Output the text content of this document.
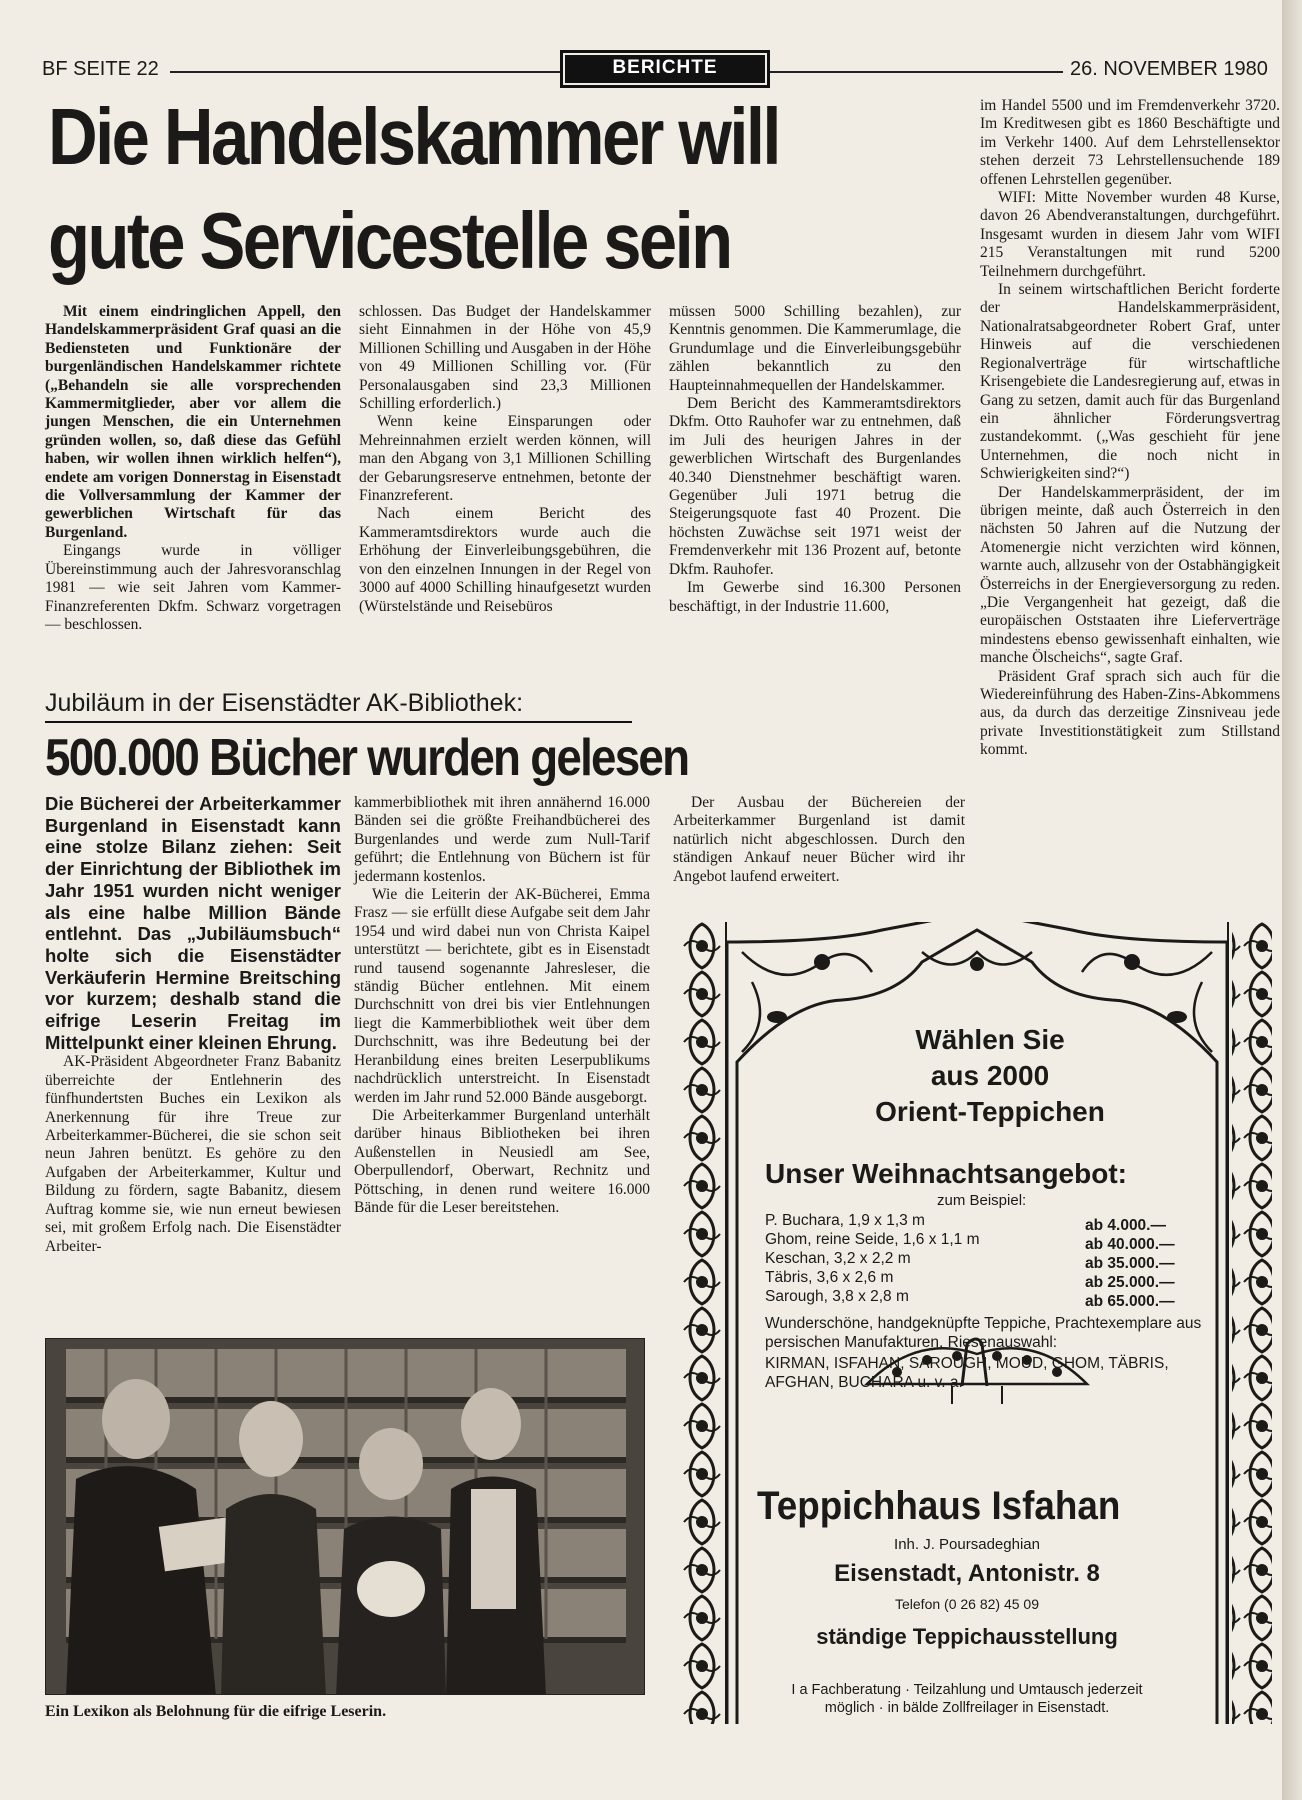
BF SEITE 22	BERICHTE	26. NOVEMBER 1980
Die Handelskammer will
gute Servicestelle sein

Mit einem eindringlichen Appell, den Handelskammerpräsident Graf quasi an die Bediensteten und Funktionäre der burgenländischen Handelskammer richtete („Behandeln sie alle vorsprechenden Kammermitglieder, aber vor allem die jungen Menschen, die ein Unternehmen gründen wollen, so, daß diese das Gefühl haben, wir wollen ihnen wirklich helfen“), endete am vorigen Donnerstag in Eisenstadt die Vollversammlung der Kammer der gewerblichen Wirtschaft für das Burgenland.

Eingangs wurde in völliger Übereinstimmung auch der Jahresvoranschlag 1981 — wie seit Jahren vom Kammer-Finanzreferenten Dkfm. Schwarz vorgetragen — beschlossen.

schlossen. Das Budget der Handelskammer sieht Einnahmen in der Höhe von 45,9 Millionen Schilling und Ausgaben in der Höhe von 49 Millionen Schilling vor. (Für Personalausgaben sind 23,3 Millionen Schilling erforderlich.)

Wenn keine Einsparungen oder Mehreinnahmen erzielt werden können, will man den Abgang von 3,1 Millionen Schilling der Gebarungsreserve entnehmen, betonte der Finanzreferent.

Nach einem Bericht des Kammeramtsdirektors wurde auch die Erhöhung der Einverleibungsgebühren, die von den einzelnen Innungen in der Regel von 3000 auf 4000 Schilling hinaufgesetzt wurden (Würstelstände und Reisebüros

müssen 5000 Schilling bezahlen), zur Kenntnis genommen. Die Kammerumlage, die Grundumlage und die Einverleibungsgebühr zählen bekanntlich zu den Haupteinnahmequellen der Handelskammer.

Dem Bericht des Kammeramtsdirektors Dkfm. Otto Rauhofer war zu entnehmen, daß im Juli des heurigen Jahres in der gewerblichen Wirtschaft des Burgenlandes 40.340 Dienstnehmer beschäftigt waren. Gegenüber Juli 1971 betrug die Steigerungsquote fast 40 Prozent. Die höchsten Zuwächse seit 1971 weist der Fremdenverkehr mit 136 Prozent auf, betonte Dkfm. Rauhofer.

Im Gewerbe sind 16.300 Personen beschäftigt, in der Industrie 11.600,

im Handel 5500 und im Fremdenverkehr 3720. Im Kreditwesen gibt es 1860 Beschäftigte und im Verkehr 1400. Auf dem Lehrstellensektor stehen derzeit 73 Lehrstellensuchende 189 offenen Lehrstellen gegenüber.

WIFI: Mitte November wurden 48 Kurse, davon 26 Abendveranstaltungen, durchgeführt. Insgesamt wurden in diesem Jahr vom WIFI 215 Veranstaltungen mit rund 5200 Teilnehmern durchgeführt.

In seinem wirtschaftlichen Bericht forderte der Handelskammerpräsident, Nationalratsabgeordneter Robert Graf, unter Hinweis auf die verschiedenen Regionalverträge für wirtschaftliche Krisengebiete die Landesregierung auf, etwas in Gang zu setzen, damit auch für das Burgenland ein ähnlicher Förderungsvertrag zustandekommt. („Was geschieht für jene Unternehmen, die noch nicht in Schwierigkeiten sind?“)

Der Handelskammerpräsident, der im übrigen meinte, daß auch Österreich in den nächsten 50 Jahren auf die Nutzung der Atomenergie nicht verzichten wird können, warnte auch, allzusehr von der Ostabhängigkeit Österreichs in der Energieversorgung zu reden. „Die Vergangenheit hat gezeigt, daß die europäischen Oststaaten ihre Lieferverträge mindestens ebenso gewissenhaft einhalten, wie manche Ölscheichs“, sagte Graf.

Präsident Graf sprach sich auch für die Wiedereinführung des Haben-Zins-Abkommens aus, da durch das derzeitige Zinsniveau jede private Investitionstätigkeit zum Stillstand kommt.

Jubiläum in der Eisenstädter AK-Bibliothek:
500.000 Bücher wurden gelesen

Die Bücherei der Arbeiterkammer Burgenland in Eisenstadt kann eine stolze Bilanz ziehen: Seit der Einrichtung der Bibliothek im Jahr 1951 wurden nicht weniger als eine halbe Million Bände entlehnt. Das „Jubiläumsbuch“ holte sich die Eisenstädter Verkäuferin Hermine Breitsching vor kurzem; deshalb stand die eifrige Leserin Freitag im Mittelpunkt einer kleinen Ehrung.

AK-Präsident Abgeordneter Franz Babanitz überreichte der Entlehnerin des fünfhundertsten Buches ein Lexikon als Anerkennung für ihre Treue zur Arbeiterkammer-Bücherei, die sie schon seit neun Jahren benützt. Es gehöre zu den Aufgaben der Arbeiterkammer, Kultur und Bildung zu fördern, sagte Babanitz, diesem Auftrag komme sie, wie nun erneut bewiesen sei, mit großem Erfolg nach. Die Eisenstädter Arbeiter-

kammerbibliothek mit ihren annähernd 16.000 Bänden sei die größte Freihandbücherei des Burgenlandes und werde zum Null-Tarif geführt; die Entlehnung von Büchern ist für jedermann kostenlos.

Wie die Leiterin der AK-Bücherei, Emma Frasz — sie erfüllt diese Aufgabe seit dem Jahr 1954 und wird dabei nun von Christa Kaipel unterstützt — berichtete, gibt es in Eisenstadt rund tausend sogenannte Jahresleser, die ständig Bücher entlehnen. Mit einem Durchschnitt von drei bis vier Entlehnungen liegt die Kammerbibliothek weit über dem Durchschnitt, was ihre Bedeutung bei der Heranbildung eines breiten Leserpublikums nachdrücklich unterstreicht. In Eisenstadt werden im Jahr rund 52.000 Bände ausgeborgt.

Die Arbeiterkammer Burgenland unterhält darüber hinaus Bibliotheken bei ihren Außenstellen in Neusiedl am See, Oberpullendorf, Oberwart, Rechnitz und Pöttsching, in denen rund weitere 16.000 Bände für die Leser bereitstehen.

Der Ausbau der Büchereien der Arbeiterkammer Burgenland ist damit natürlich nicht abgeschlossen. Durch den ständigen Ankauf neuer Bücher wird ihr Angebot laufend erweitert.

Ein Lexikon als Belohnung für die eifrige Leserin.
Wählen Sie
aus 2000
Orient-Teppichen
Unser Weihnachtsangebot:
zum Beispiel:
P. Buchara, 1,9 x 1,3 m	ab 4.000.—
Ghom, reine Seide, 1,6 x 1,1 m	ab 40.000.—
Keschan, 3,2 x 2,2 m	ab 35.000.—
Täbris, 3,6 x 2,6 m	ab 25.000.—
Sarough, 3,8 x 2,8 m	ab 65.000.—
Wunderschöne, handgeknüpfte Teppiche, Prachtexemplare aus persischen Manufakturen, Riesenauswahl:
KIRMAN, ISFAHAN, SAROUGH, MOUD, GHOM, TÄBRIS, AFGHAN, BUCHARA u. v. a.
Teppichhaus Isfahan
Inh. J. Poursadeghian
Eisenstadt, Antonistr. 8
Telefon (0 26 82) 45 09
ständige Teppichausstellung
I a Fachberatung · Teilzahlung und Umtausch jederzeit
möglich · in bälde Zollfreilager in Eisenstadt.
